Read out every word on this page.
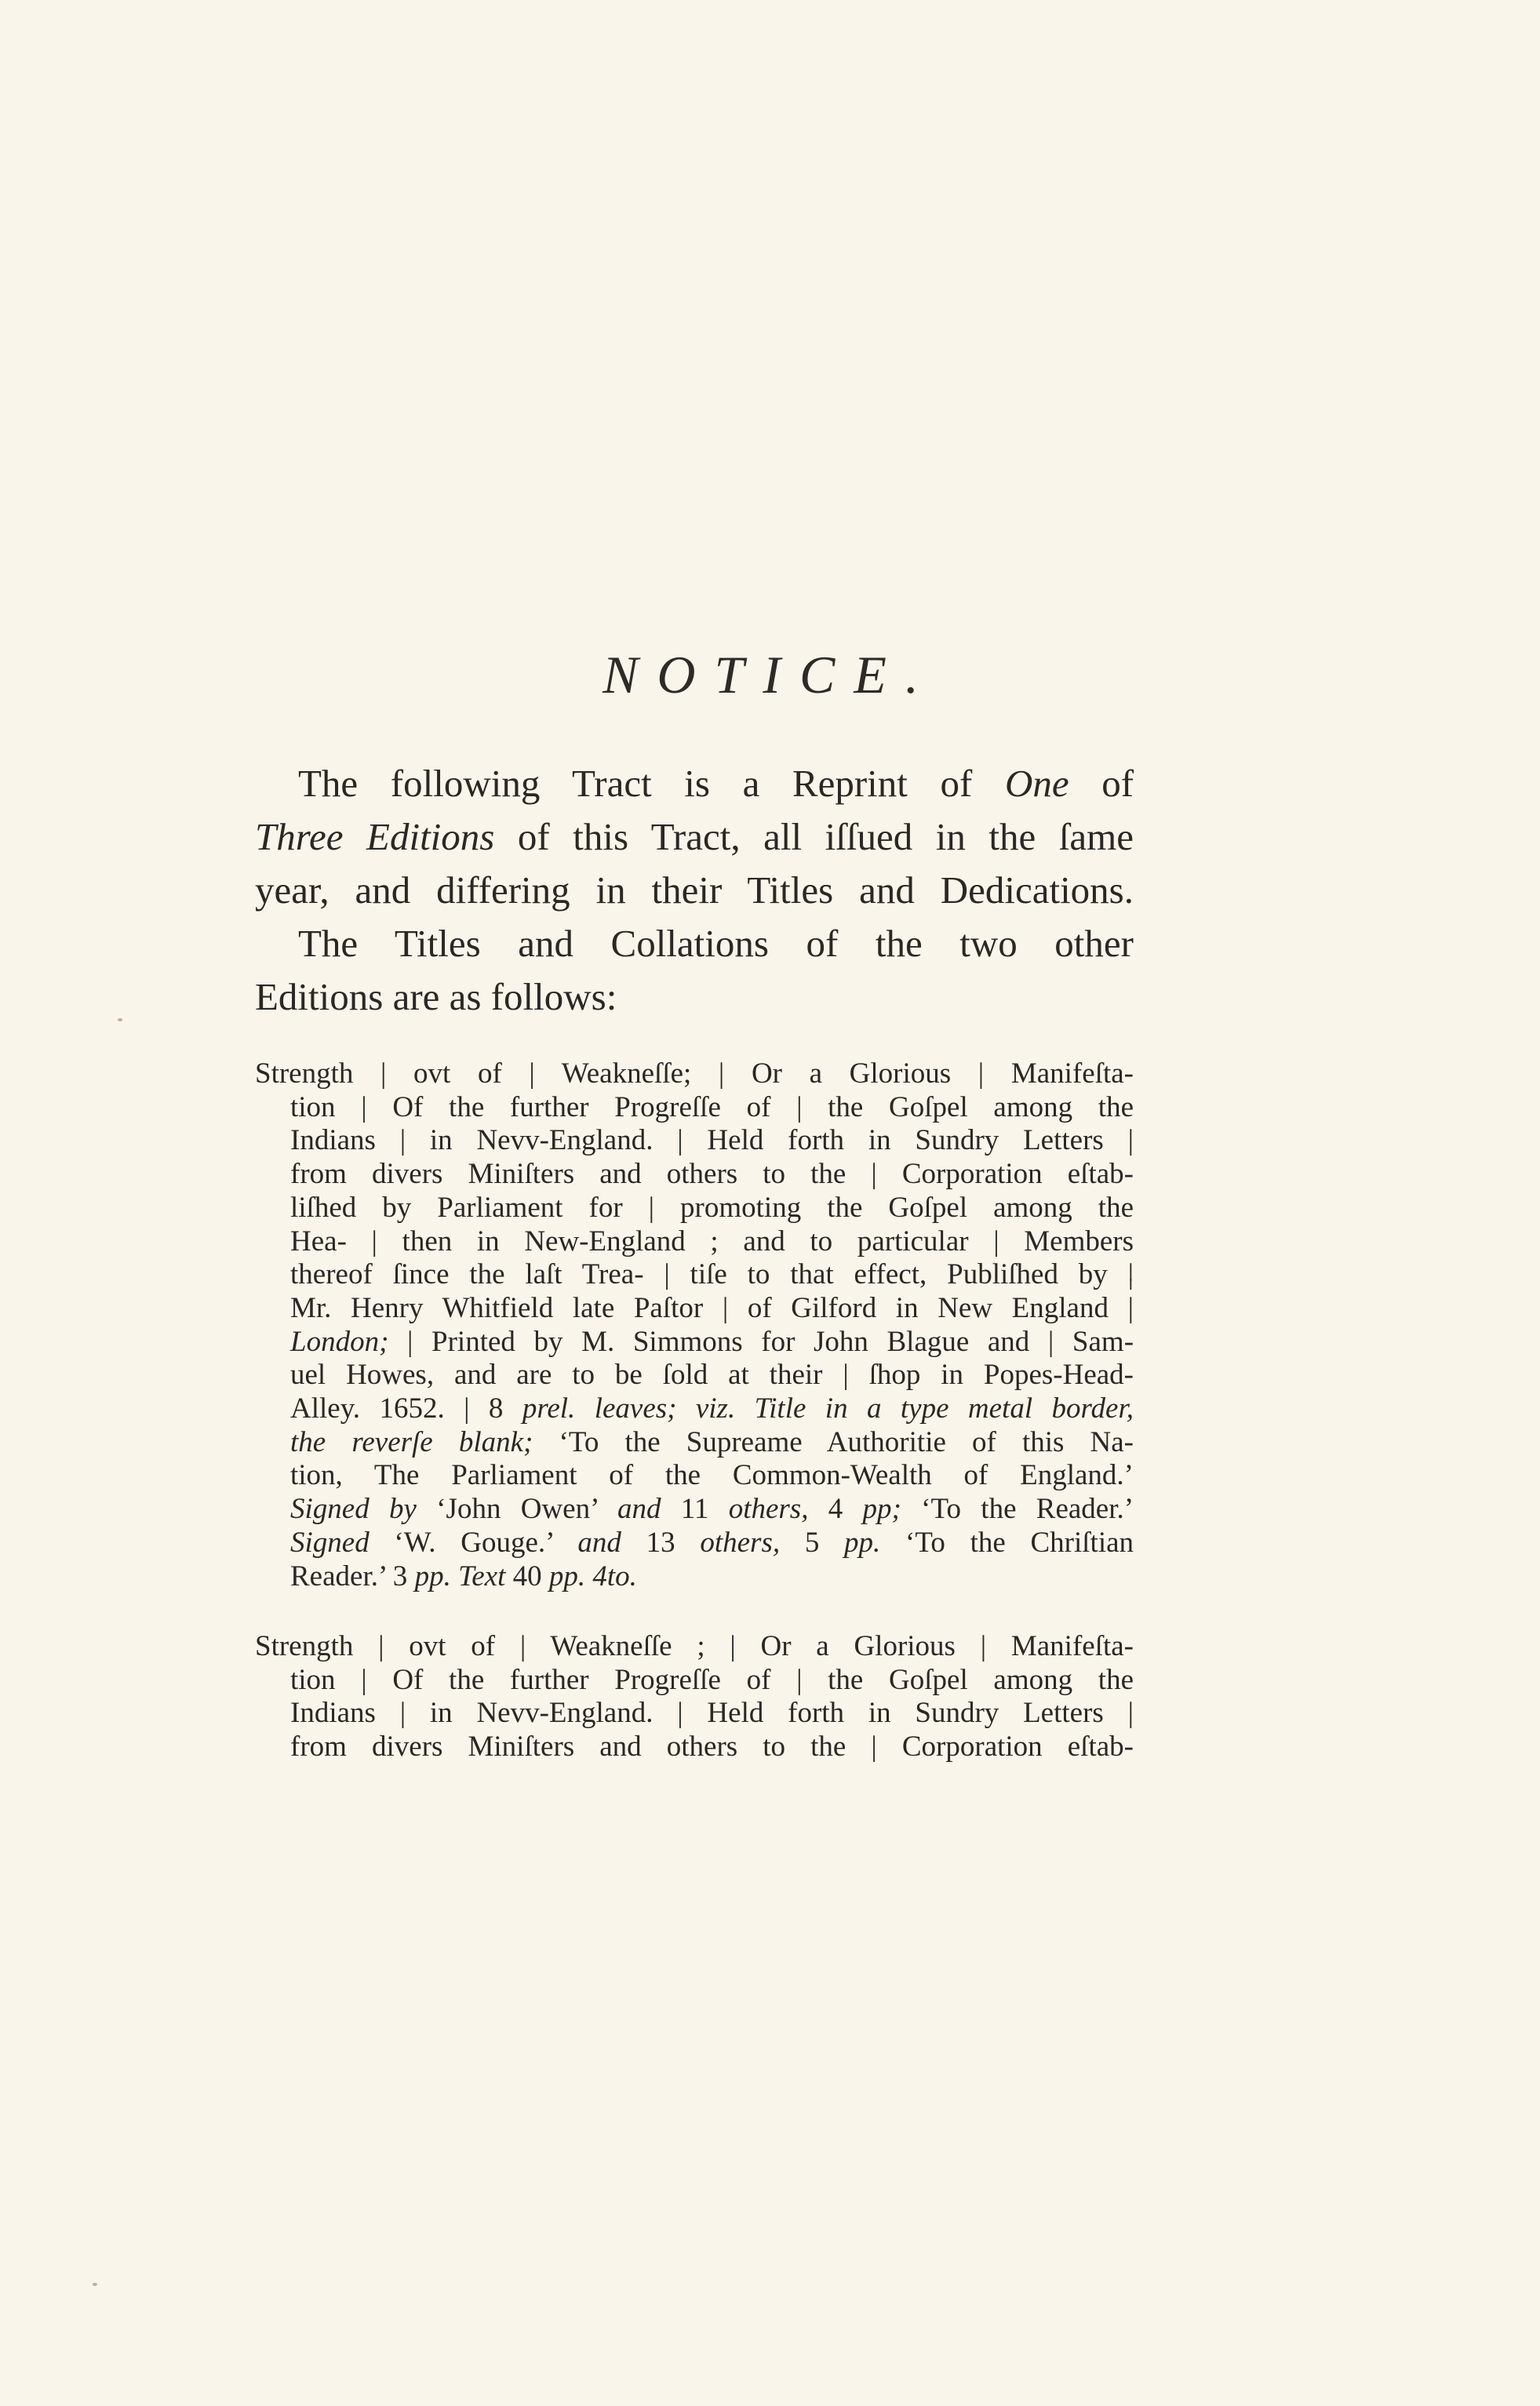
NOTICE.
The following Tract is a Reprint of One of
Three Editions of this Tract, all iſſued in the ſame
year, and differing in their Titles and Dedications.
The Titles and Collations of the two other
Editions are as follows:
Strength | ovt of | Weakneſſe; | Or a Glorious | Manifeſta-
tion | Of the further Progreſſe of | the Goſpel among the
Indians | in Nevv-England. | Held forth in Sundry Letters |
from divers Miniſters and others to the | Corporation eſtab-
liſhed by Parliament for | promoting the Goſpel among the
Hea- | then in New-England ; and to particular | Members
thereof ſince the laſt Trea- | tiſe to that effect, Publiſhed by |
Mr. Henry Whitfield late Paſtor | of Gilford in New England |
London; | Printed by M. Simmons for John Blague and | Sam-
uel Howes, and are to be ſold at their | ſhop in Popes-Head-
Alley. 1652. | 8 prel. leaves; viz. Title in a type metal border,
the reverſe blank; ‘To the Supreame Authoritie of this Na-
tion, The Parliament of the Common-Wealth of England.’
Signed by ‘John Owen’ and 11 others, 4 pp; ‘To the Reader.’
Signed ‘W. Gouge.’ and 13 others, 5 pp. ‘To the Chriſtian
Reader.’ 3 pp. Text 40 pp. 4to.
Strength | ovt of | Weakneſſe ; | Or a Glorious | Manifeſta-
tion | Of the further Progreſſe of | the Goſpel among the
Indians | in Nevv-England. | Held forth in Sundry Letters |
from divers Miniſters and others to the | Corporation eſtab-
